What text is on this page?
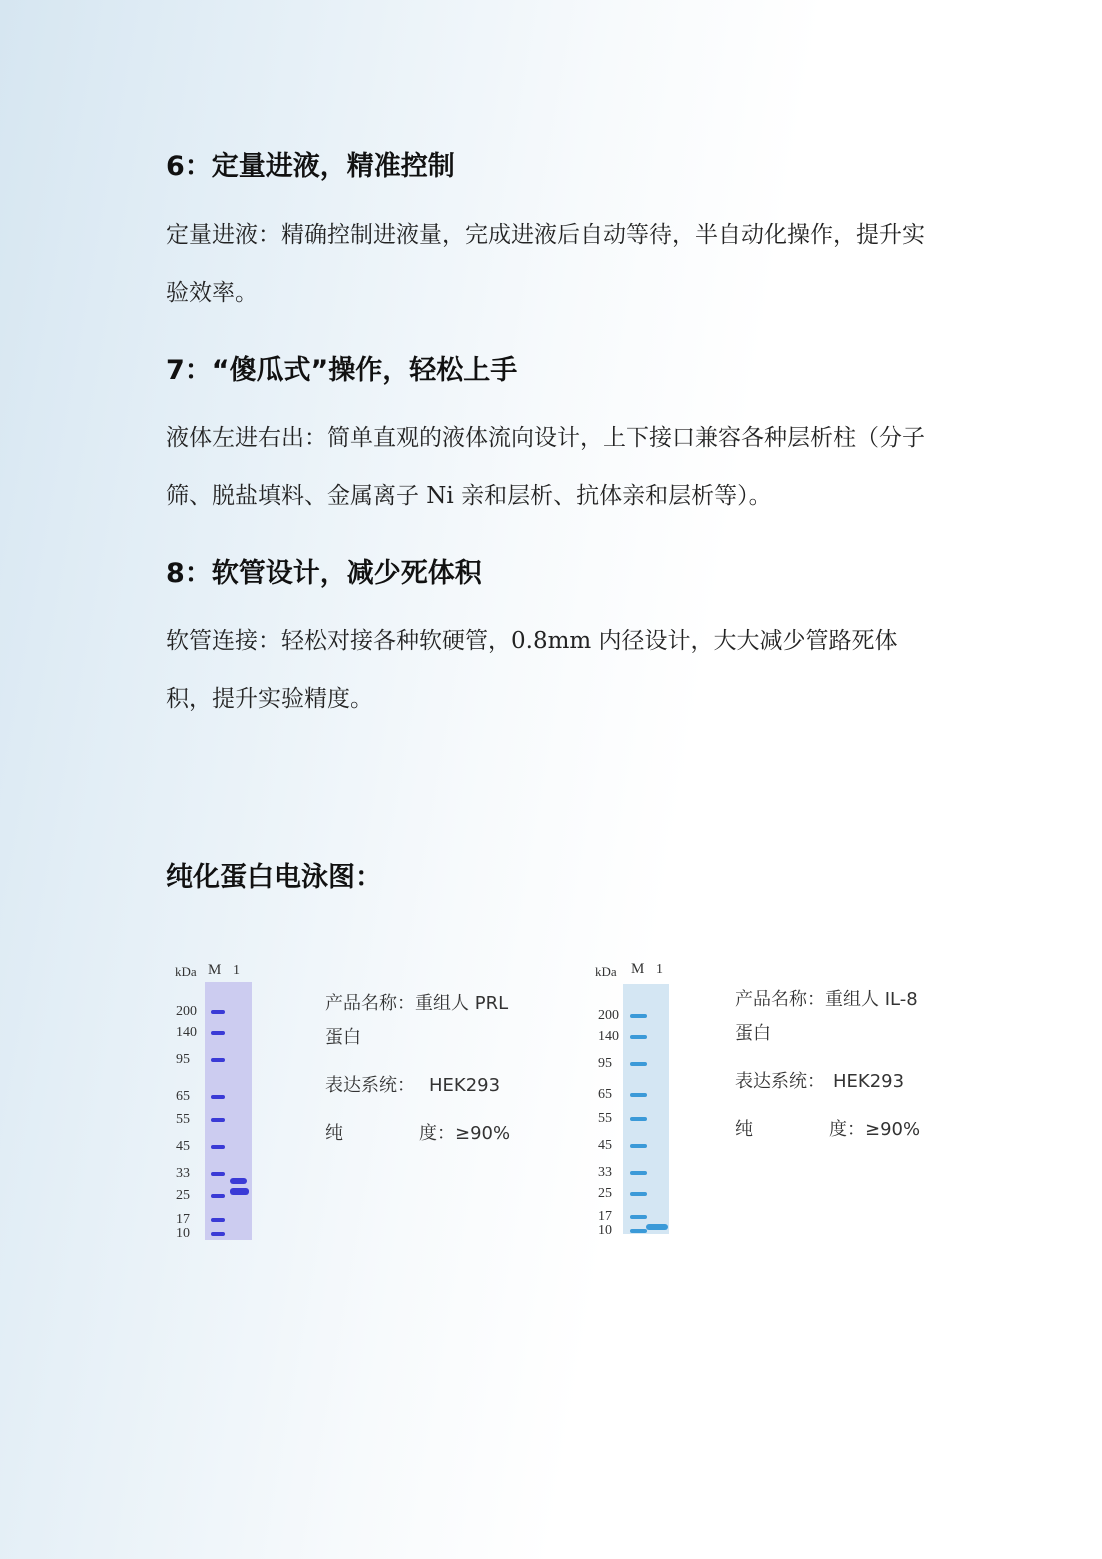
6：定量进液，精准控制

定量进液：精确控制进液量，完成进液后自动等待，半自动化操作，提升实验效率。

7：“傻瓜式”操作，轻松上手

液体左进右出：简单直观的液体流向设计，上下接口兼容各种层析柱（分子筛、脱盐填料、金属离子 Ni 亲和层析、抗体亲和层析等）。

8：软管设计，减少死体积

软管连接：轻松对接各种软硬管，0.8mm 内径设计，大大减少管路死体积，提升实验精度。

纯化蛋白电泳图：
kDa M 1
200
140
95
65
55
45
33
25
17
10

产品名称：重组人 PRL

蛋白

表达系统： HEK293

纯	度：≥90%

kDa M 1
200
140
95
65
55
45
33
25
17
10

产品名称：重组人 IL-8

蛋白

表达系统： HEK293

纯	度：≥90%
